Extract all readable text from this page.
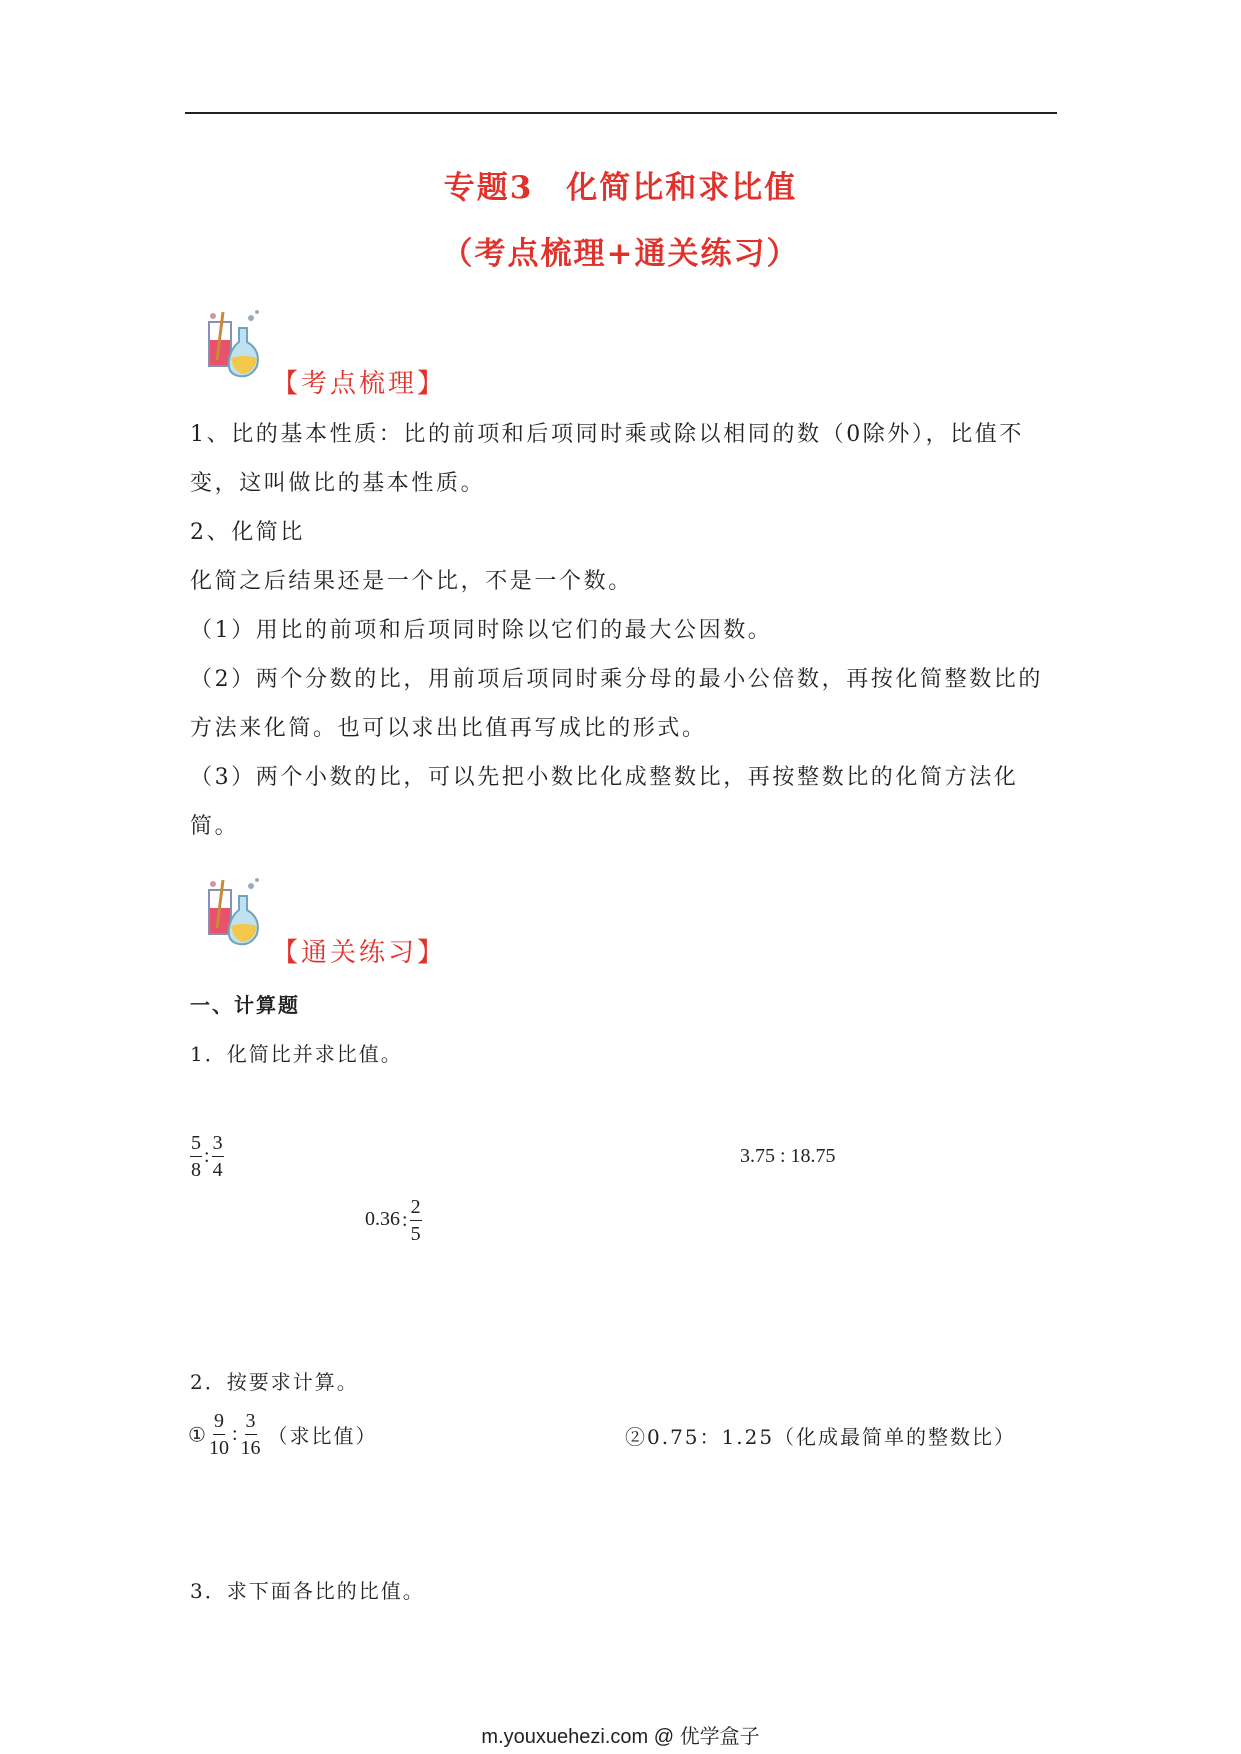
专题3　化简比和求比值
（考点梳理+通关练习）
【考点梳理】
1、比的基本性质：比的前项和后项同时乘或除以相同的数（0除外），比值不
变，这叫做比的基本性质。
2、化简比
化简之后结果还是一个比，不是一个数。
（1）用比的前项和后项同时除以它们的最大公因数。
（2）两个分数的比，用前项后项同时乘分母的最小公倍数，再按化简整数比的
方法来化简。也可以求出比值再写成比的形式。
（3）两个小数的比，可以先把小数比化成整数比，再按整数比的化简方法化
简。
【通关练习】
一、计算题
1．化简比并求比值。
$\frac{5}{8}$ : $\frac{3}{4}$	3.75 : 18.75
0.36 : $\frac{2}{5}$
2．按要求计算。
① $\frac{9}{10}$ : $\frac{3}{16}$ （求比值）	②0.75：1.25（化成最简单的整数比）
3．求下面各比的比值。
m.youxuehezi.com @ 优学盒子
